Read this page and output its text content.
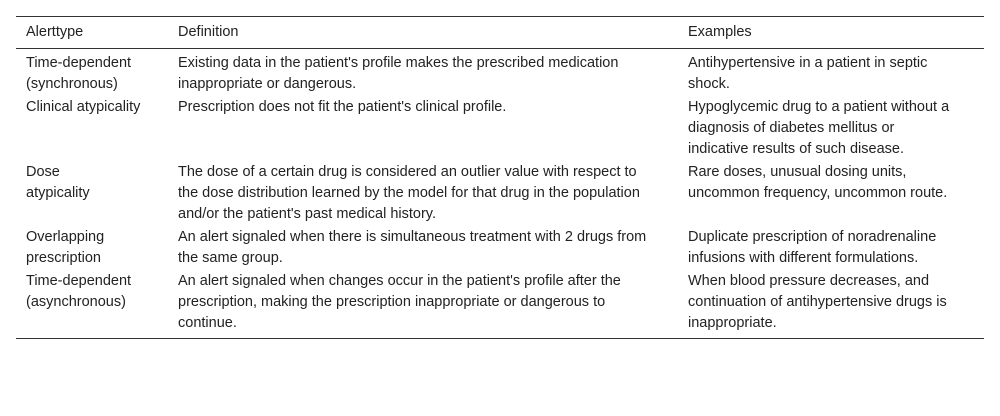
Alerttype	Definition	Examples

Time-dependent (synchronous)	Existing data in the patient's profile makes the prescribed medication inappropriate or dangerous.	Antihypertensive in a patient in septic shock.

Clinical atypicality	Prescription does not fit the patient's clinical profile.	Hypoglycemic drug to a patient without a diagnosis of diabetes mellitus or indicative results of such disease.

Dose atypicality	The dose of a certain drug is considered an outlier value with respect to the dose distribution learned by the model for that drug in the population and/or the patient's past medical history.	Rare doses, unusual dosing units, uncommon frequency, uncommon route.

Overlapping prescription	An alert signaled when there is simultaneous treatment with 2 drugs from the same group.	Duplicate prescription of noradrenaline infusions with different formulations.

Time-dependent (asynchronous)	An alert signaled when changes occur in the patient's profile after the prescription, making the prescription inappropriate or dangerous to continue.	When blood pressure decreases, and continuation of antihypertensive drugs is inappropriate.
